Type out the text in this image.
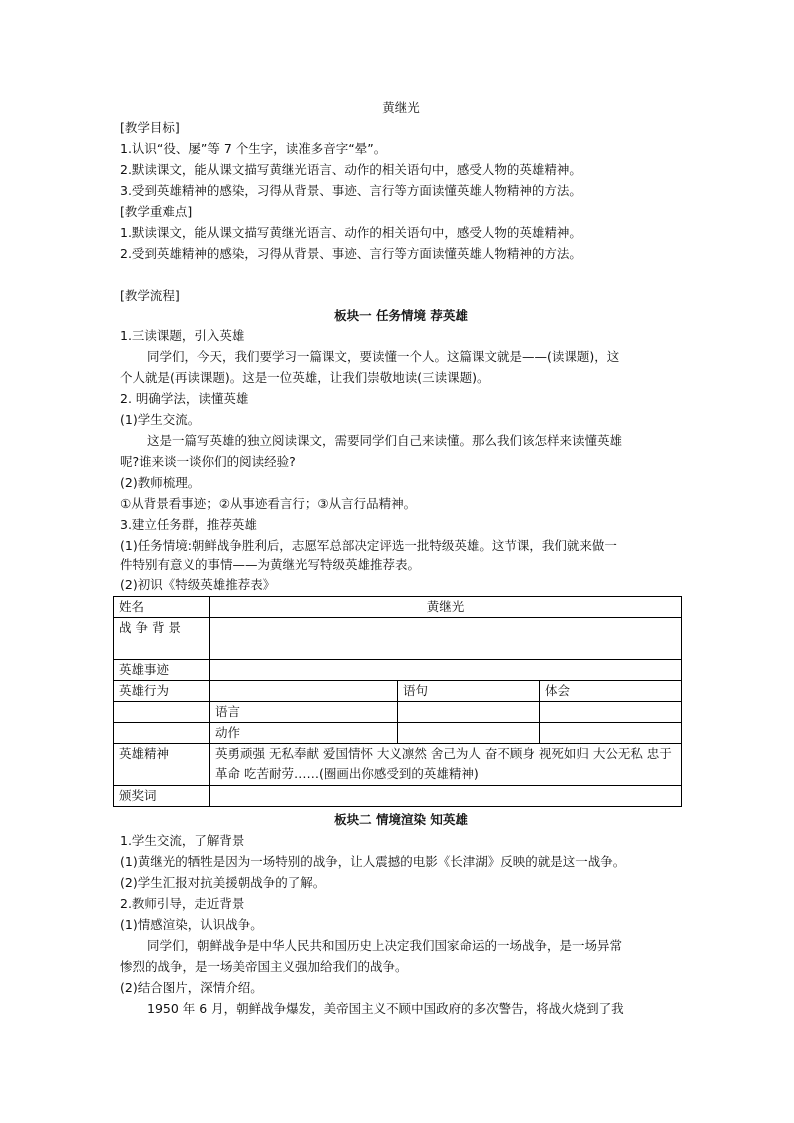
黄继光
[教学目标]
1.认识“役、屡”等 7 个生字，读准多音字“晕”。
2.默读课文，能从课文描写黄继光语言、动作的相关语句中，感受人物的英雄精神。
3.受到英雄精神的感染，习得从背景、事迹、言行等方面读懂英雄人物精神的方法。
[教学重难点]
1.默读课文，能从课文描写黄继光语言、动作的相关语句中，感受人物的英雄精神。
2.受到英雄精神的感染，习得从背景、事迹、言行等方面读懂英雄人物精神的方法。
[教学流程]
板块一 任务情境 荐英雄
1.三读课题，引入英雄
同学们，今天，我们要学习一篇课文，要读懂一个人。这篇课文就是——(读课题)，这
个人就是(再读课题)。这是一位英雄，让我们崇敬地读(三读课题)。
2. 明确学法，读懂英雄
(1)学生交流。
这是一篇写英雄的独立阅读课文，需要同学们自己来读懂。那么我们该怎样来读懂英雄
呢?谁来谈一谈你们的阅读经验?
(2)教师梳理。
①从背景看事迹；②从事迹看言行；③从言行品精神。
3.建立任务群，推荐英雄
(1)任务情境:朝鲜战争胜利后，志愿军总部决定评选一批特级英雄。这节课，我们就来做一
件特别有意义的事情——为黄继光写特级英雄推荐表。
(2)初识《特级英雄推荐表》
姓名	黄继光		
战 争 背 景			
英雄事迹			
英雄行为		语句	体会
	语言		
	动作		
英雄精神	英勇顽强 无私奉献 爱国情怀 大义凛然 舍己为人 奋不顾身 视死如归 大公无私 忠于革命 吃苦耐劳……(圈画出你感受到的英雄精神)		
颁奖词			
板块二 情境渲染 知英雄
1.学生交流，了解背景
(1)黄继光的牺牲是因为一场特别的战争，让人震撼的电影《长津湖》反映的就是这一战争。
(2)学生汇报对抗美援朝战争的了解。
2.教师引导，走近背景
(1)情感渲染，认识战争。
同学们，朝鲜战争是中华人民共和国历史上决定我们国家命运的一场战争，是一场异常
惨烈的战争，是一场美帝国主义强加给我们的战争。
(2)结合图片，深情介绍。
1950 年 6 月，朝鲜战争爆发，美帝国主义不顾中国政府的多次警告，将战火烧到了我
